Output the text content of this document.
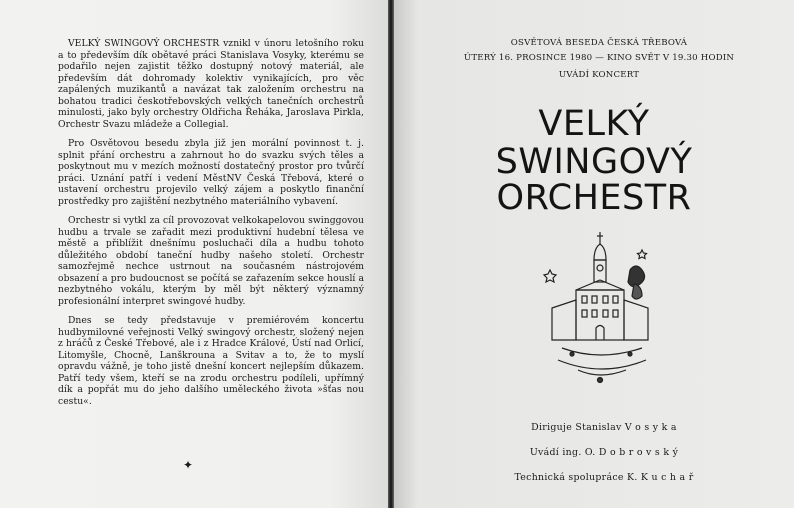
VELKÝ SWINGOVÝ ORCHESTR vznikl v únoru letošního roku a to především dík obětavé práci Stanislava Vosyky, kterému se podařilo nejen zajistit těžko dostupný notový materiál, ale především dát dohromady kolektiv vynikajících, pro věc zapálených muzikantů a navázat tak založením orchestru na bohatou tradici českotřebovských velkých tanečních orchestrů minulosti, jako byly orchestry Oldřicha Řeháka, Jaroslava Pirkla, Orchestr Svazu mládeže a Collegial.

Pro Osvětovou besedu zbyla již jen morální povinnost t. j. splnit přání orchestru a zahrnout ho do svazku svých těles a poskytnout mu v mezích možností dostatečný prostor pro tvůrčí práci. Uznání patří i vedení MěstNV Česká Třebová, které o ustavení orchestru projevilo velký zájem a poskytlo finanční prostředky pro zajištění nezbytného materiálního vybavení.

Orchestr si vytkl za cíl provozovat velkokapelovou swinggovou hudbu a trvale se zařadit mezi produktivní hudební tělesa ve městě a přiblížit dnešnímu posluchači díla a hudbu tohoto důležitého období taneční hudby našeho století. Orchestr samozřejmě nechce ustrnout na současném nástrojovém obsazení a pro budoucnost se počítá se zařazením sekce houslí a nezbytného vokálu, kterým by měl být některý významný profesionální interpret swingové hudby.

Dnes se tedy představuje v premiérovém koncertu hudbymilovné veřejnosti Velký swingový orchestr, složený nejen z hráčů z České Třebové, ale i z Hradce Králové, Ústí nad Orlicí, Litomyšle, Chocně, Lanškrouna a Svitav a to, že to myslí opravdu vážně, je toho jistě dnešní koncert nejlepším důkazem. Patří tedy všem, kteří se na zrodu orchestru podíleli, upřímný dík a popřát mu do jeho dalšího uměleckého života »šťas nou cestu«.

✦
OSVĚTOVÁ BESEDA ČESKÁ TŘEBOVÁ
ÚTERÝ 16. PROSINCE 1980 — KINO SVĚT V 19.30 HODIN
UVÁDÍ KONCERT
VELKÝ
SWINGOVÝ
ORCHESTR
Diriguje Stanislav V o s y k a
Uvádí ing. O. D o b r o v s k ý
Technická spolupráce K. K u c h a ř
